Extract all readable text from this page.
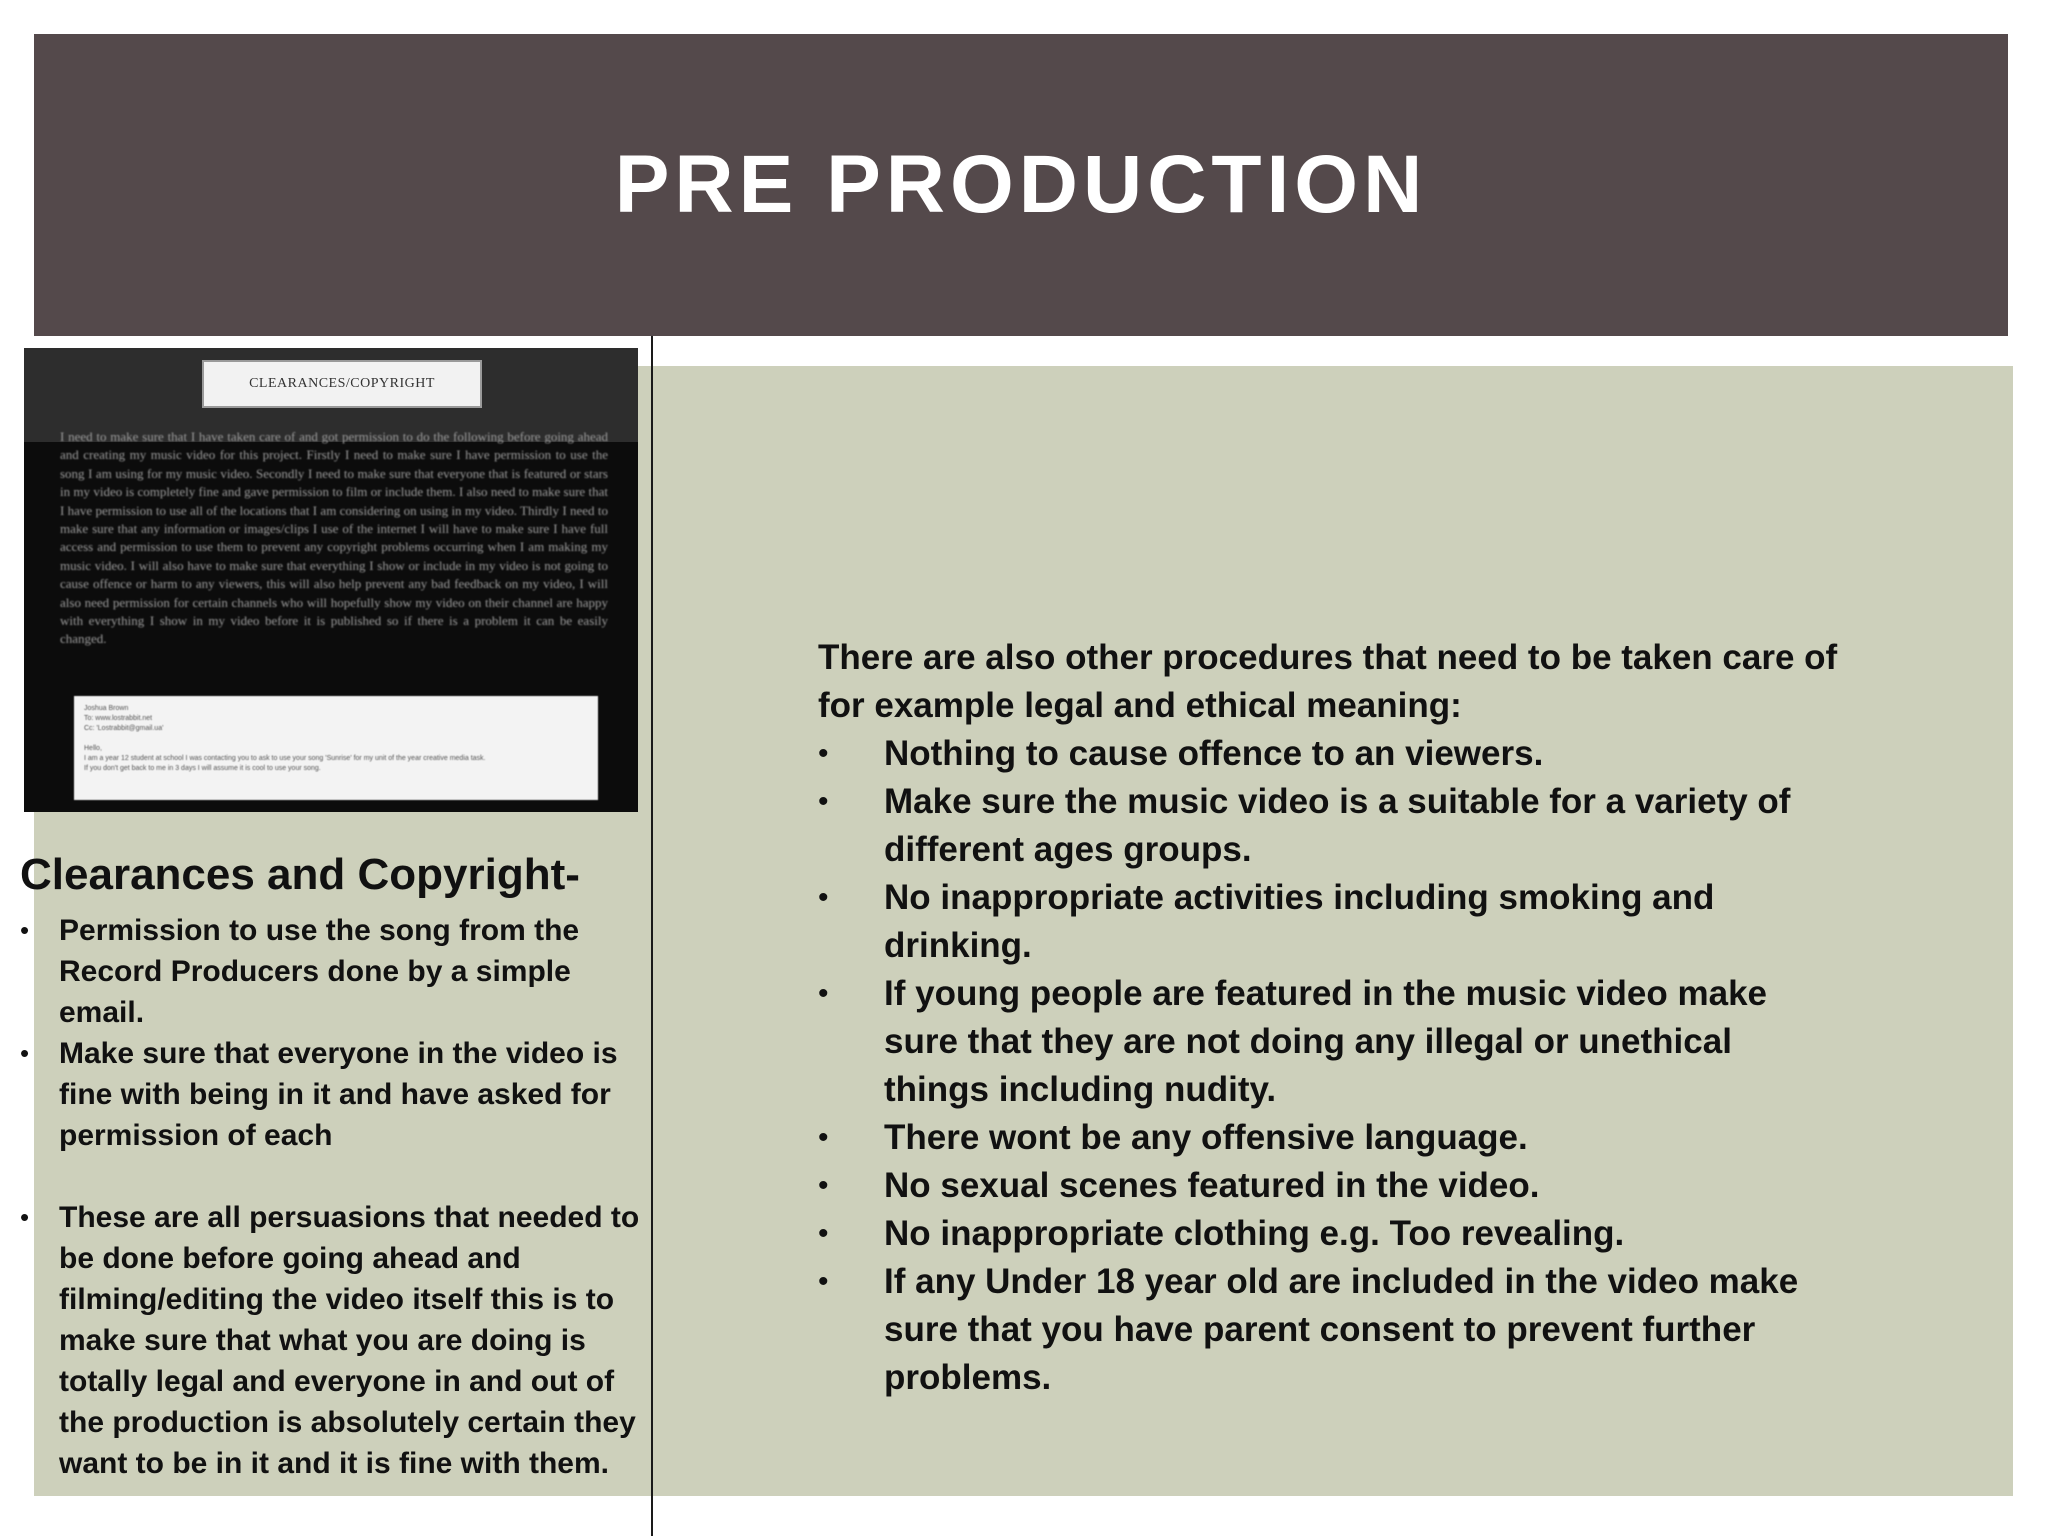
PRE PRODUCTION
CLEARANCES/COPYRIGHT
I need to make sure that I have taken care of and got permission to do the following before going ahead and creating my music video for this project. Firstly I need to make sure I have permission to use the song I am using for my music video. Secondly I need to make sure that everyone that is featured or stars in my video is completely fine and gave permission to film or include them. I also need to make sure that I have permission to use all of the locations that I am considering on using in my video. Thirdly I need to make sure that any information or images/clips I use of the internet I will have to make sure I have full access and permission to use them to prevent any copyright problems occurring when I am making my music video. I will also have to make sure that everything I show or include in my video is not going to cause offence or harm to any viewers, this will also help prevent any bad feedback on my video, I will also need permission for certain channels who will hopefully show my video on their channel are happy with everything I show in my video before it is published so if there is a problem it can be easily changed.
Joshua Brown
To: www.lostrabbit.net
Cc: 'Lostrabbit@gmail.ua'

Hello,
I am a year 12 student at school I was contacting you to ask to use your song 'Sunrise' for my unit of the year creative media task.
If you don't get back to me in 3 days I will assume it is cool to use your song.
Clearances and Copyright-
• Permission to use the song from the Record Producers done by a simple email.
• Make sure that everyone in the video is fine with being in it and have asked for permission of each
• These are all persuasions that needed to be done before going ahead and filming/editing the video itself this is to make sure that what you are doing is totally legal and everyone in and out of the production is absolutely certain they want to be in it and it is fine with them.

There are also other procedures that need to be taken care of for example legal and ethical meaning:

• Nothing to cause offence to an viewers.
• Make sure the music video is a suitable for a variety of different ages groups.
• No inappropriate activities including smoking and drinking.
• If young people are featured in the music video make sure that they are not doing any illegal or unethical things including nudity.
• There wont be any offensive language.
• No sexual scenes featured in the video.
• No inappropriate clothing e.g. Too revealing.
• If any Under 18 year old are included in the video make sure that you have parent consent to prevent further problems.
